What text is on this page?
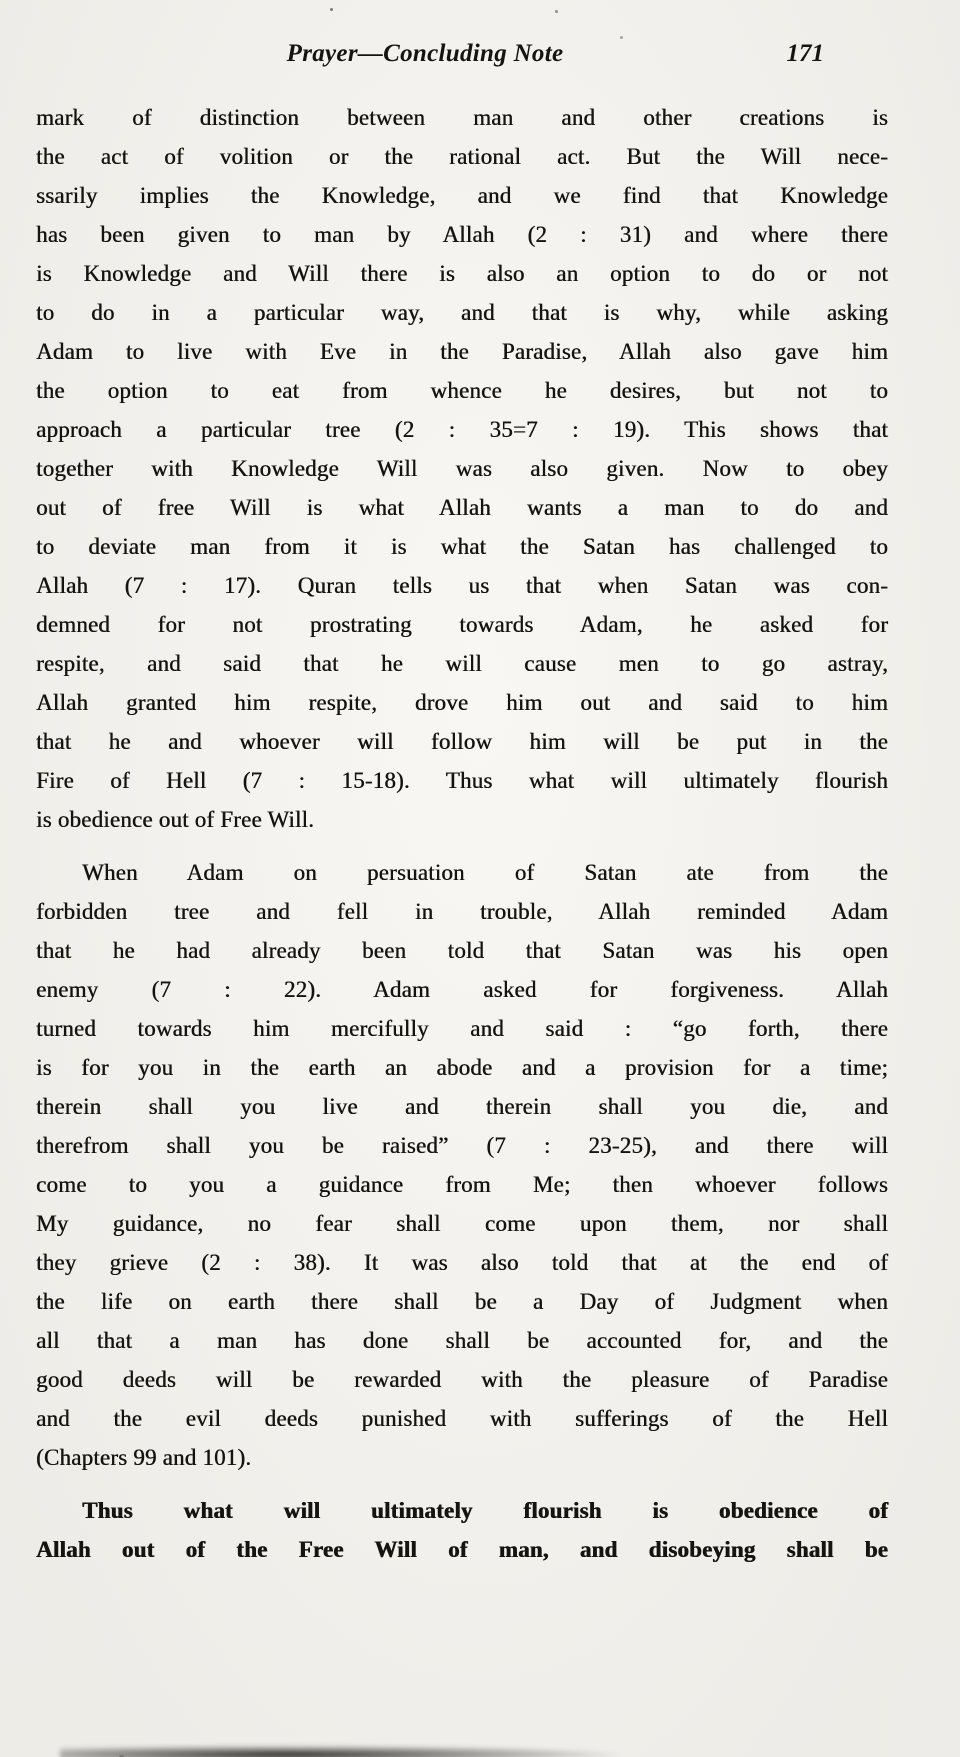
Prayer—Concluding Note	171
mark of distinction between man and other creations is
the act of volition or the rational act. But the Will nece-
ssarily implies the Knowledge, and we find that Knowledge
has been given to man by Allah (2 : 31) and where there
is Knowledge and Will there is also an option to do or not
to do in a particular way, and that is why, while asking
Adam to live with Eve in the Paradise, Allah also gave him
the option to eat from whence he desires, but not to
approach a particular tree (2 : 35=7 : 19). This shows that
together with Knowledge Will was also given. Now to obey
out of free Will is what Allah wants a man to do and
to deviate man from it is what the Satan has challenged to
Allah (7 : 17). Quran tells us that when Satan was con-
demned for not prostrating towards Adam, he asked for
respite, and said that he will cause men to go astray,
Allah granted him respite, drove him out and said to him
that he and whoever will follow him will be put in the
Fire of Hell (7 : 15-18). Thus what will ultimately flourish
is obedience out of Free Will.
When Adam on persuation of Satan ate from the
forbidden tree and fell in trouble, Allah reminded Adam
that he had already been told that Satan was his open
enemy (7 : 22). Adam asked for forgiveness. Allah
turned towards him mercifully and said : “go forth, there
is for you in the earth an abode and a provision for a time;
therein shall you live and therein shall you die, and
therefrom shall you be raised” (7 : 23-25), and there will
come to you a guidance from Me; then whoever follows
My guidance, no fear shall come upon them, nor shall
they grieve (2 : 38). It was also told that at the end of
the life on earth there shall be a Day of Judgment when
all that a man has done shall be accounted for, and the
good deeds will be rewarded with the pleasure of Paradise
and the evil deeds punished with sufferings of the Hell
(Chapters 99 and 101).
Thus what will ultimately flourish is obedience of
Allah out of the Free Will of man, and disobeying shall be
